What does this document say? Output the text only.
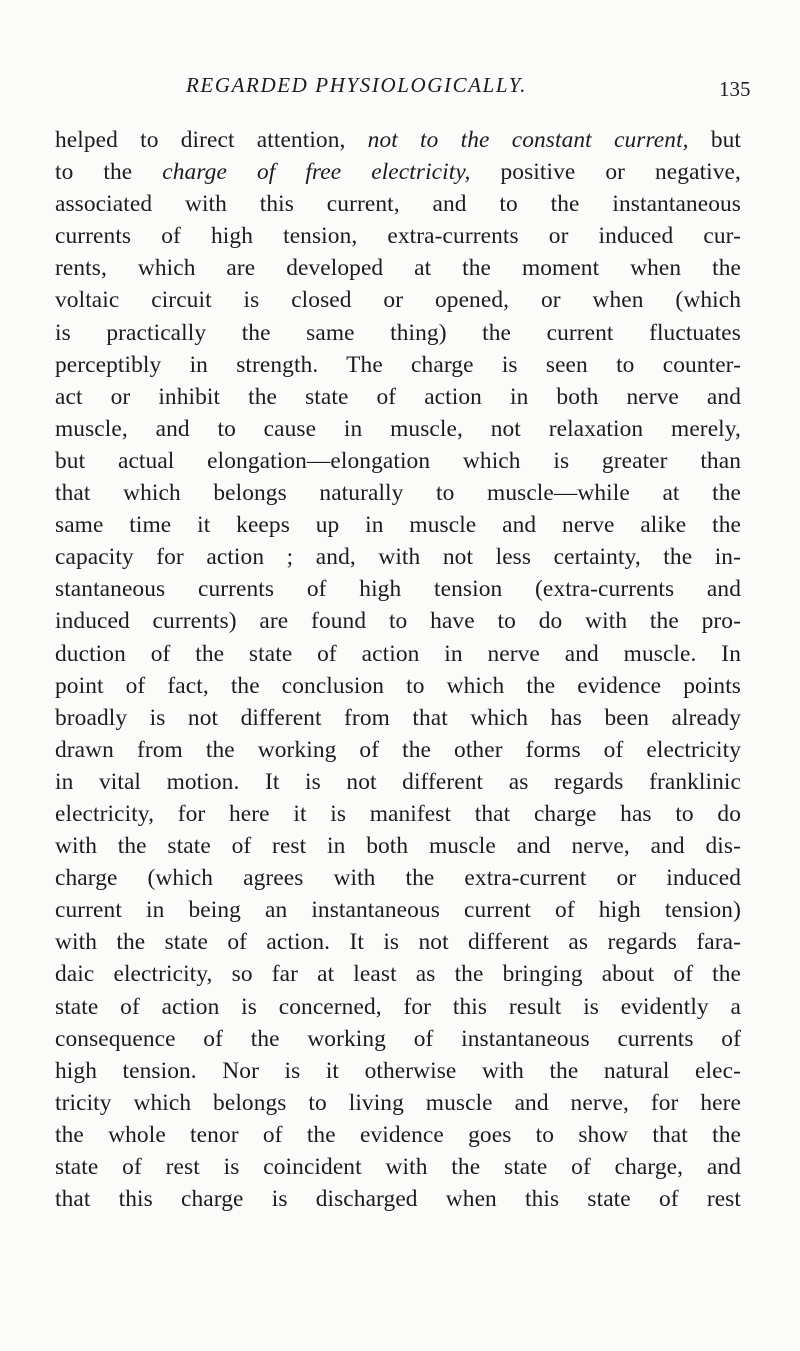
REGARDED PHYSIOLOGICALLY.	135
helped to direct attention, not to the constant current, but
to the charge of free electricity, positive or negative,
associated with this current, and to the instantaneous
currents of high tension, extra-currents or induced cur-
rents, which are developed at the moment when the
voltaic circuit is closed or opened, or when (which
is practically the same thing) the current fluctuates
perceptibly in strength. The charge is seen to counter-
act or inhibit the state of action in both nerve and
muscle, and to cause in muscle, not relaxation merely,
but actual elongation—elongation which is greater than
that which belongs naturally to muscle—while at the
same time it keeps up in muscle and nerve alike the
capacity for action ; and, with not less certainty, the in-
stantaneous currents of high tension (extra-currents and
induced currents) are found to have to do with the pro-
duction of the state of action in nerve and muscle. In
point of fact, the conclusion to which the evidence points
broadly is not different from that which has been already
drawn from the working of the other forms of electricity
in vital motion. It is not different as regards franklinic
electricity, for here it is manifest that charge has to do
with the state of rest in both muscle and nerve, and dis-
charge (which agrees with the extra-current or induced
current in being an instantaneous current of high tension)
with the state of action. It is not different as regards fara-
daic electricity, so far at least as the bringing about of the
state of action is concerned, for this result is evidently a
consequence of the working of instantaneous currents of
high tension. Nor is it otherwise with the natural elec-
tricity which belongs to living muscle and nerve, for here
the whole tenor of the evidence goes to show that the
state of rest is coincident with the state of charge, and
that this charge is discharged when this state of rest
